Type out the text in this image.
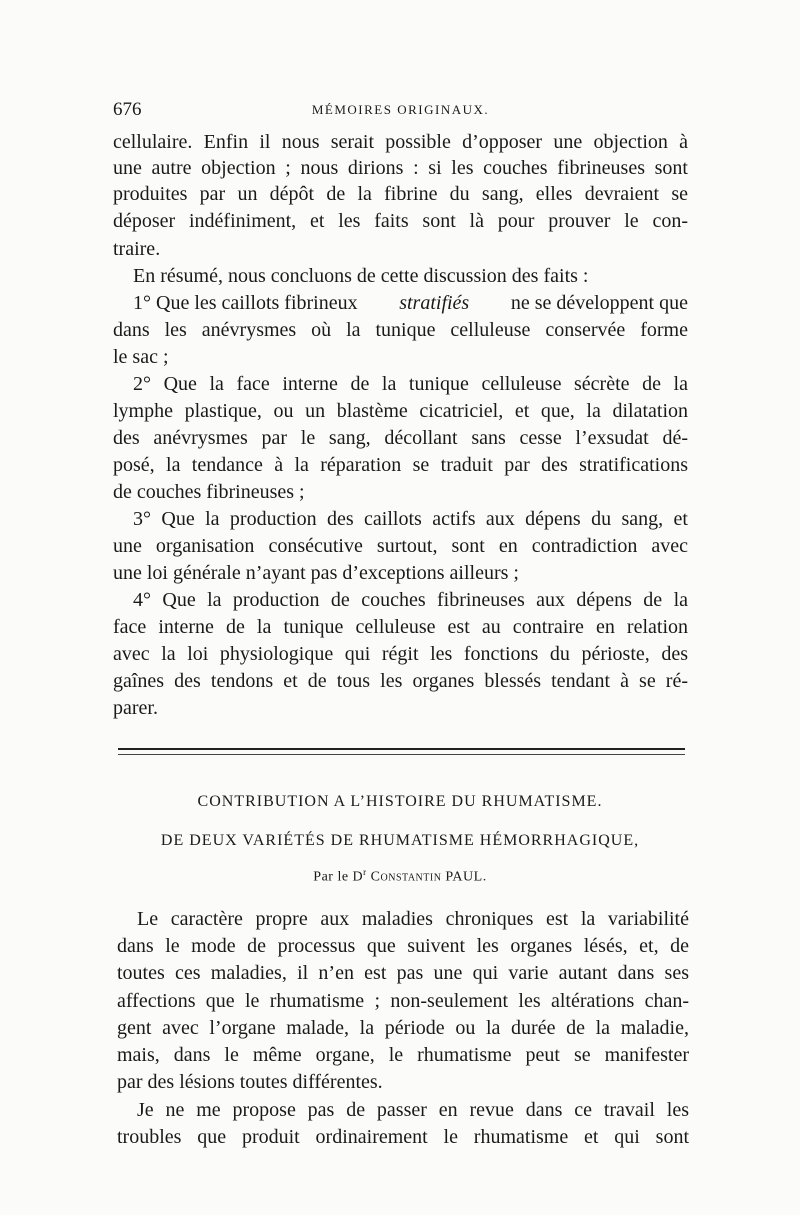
676	MÉMOIRES ORIGINAUX.
cellulaire. Enfin il nous serait possible d’opposer une objection à
une autre objection ; nous dirions : si les couches fibrineuses sont
produites par un dépôt de la fibrine du sang, elles devraient se
déposer indéfiniment, et les faits sont là pour prouver le con-
traire.
En résumé, nous concluons de cette discussion des faits :
1° Que les caillots fibrineux stratifiés ne se développent que
dans les anévrysmes où la tunique celluleuse conservée forme
le sac ;
2° Que la face interne de la tunique celluleuse sécrète de la
lymphe plastique, ou un blastème cicatriciel, et que, la dilatation
des anévrysmes par le sang, décollant sans cesse l’exsudat dé-
posé, la tendance à la réparation se traduit par des stratifications
de couches fibrineuses ;
3° Que la production des caillots actifs aux dépens du sang, et
une organisation consécutive surtout, sont en contradiction avec
une loi générale n’ayant pas d’exceptions ailleurs ;
4° Que la production de couches fibrineuses aux dépens de la
face interne de la tunique celluleuse est au contraire en relation
avec la loi physiologique qui régit les fonctions du périoste, des
gaînes des tendons et de tous les organes blessés tendant à se ré-
parer.
CONTRIBUTION A L’HISTOIRE DU RHUMATISME.
DE DEUX VARIÉTÉS DE RHUMATISME HÉMORRHAGIQUE,
Par le $D^r$ Constantin PAUL.
Le caractère propre aux maladies chroniques est la variabilité
dans le mode de processus que suivent les organes lésés, et, de
toutes ces maladies, il n’en est pas une qui varie autant dans ses
affections que le rhumatisme ; non-seulement les altérations chan-
gent avec l’organe malade, la période ou la durée de la maladie,
mais, dans le même organe, le rhumatisme peut se manifester
par des lésions toutes différentes.
Je ne me propose pas de passer en revue dans ce travail les
troubles que produit ordinairement le rhumatisme et qui sont
